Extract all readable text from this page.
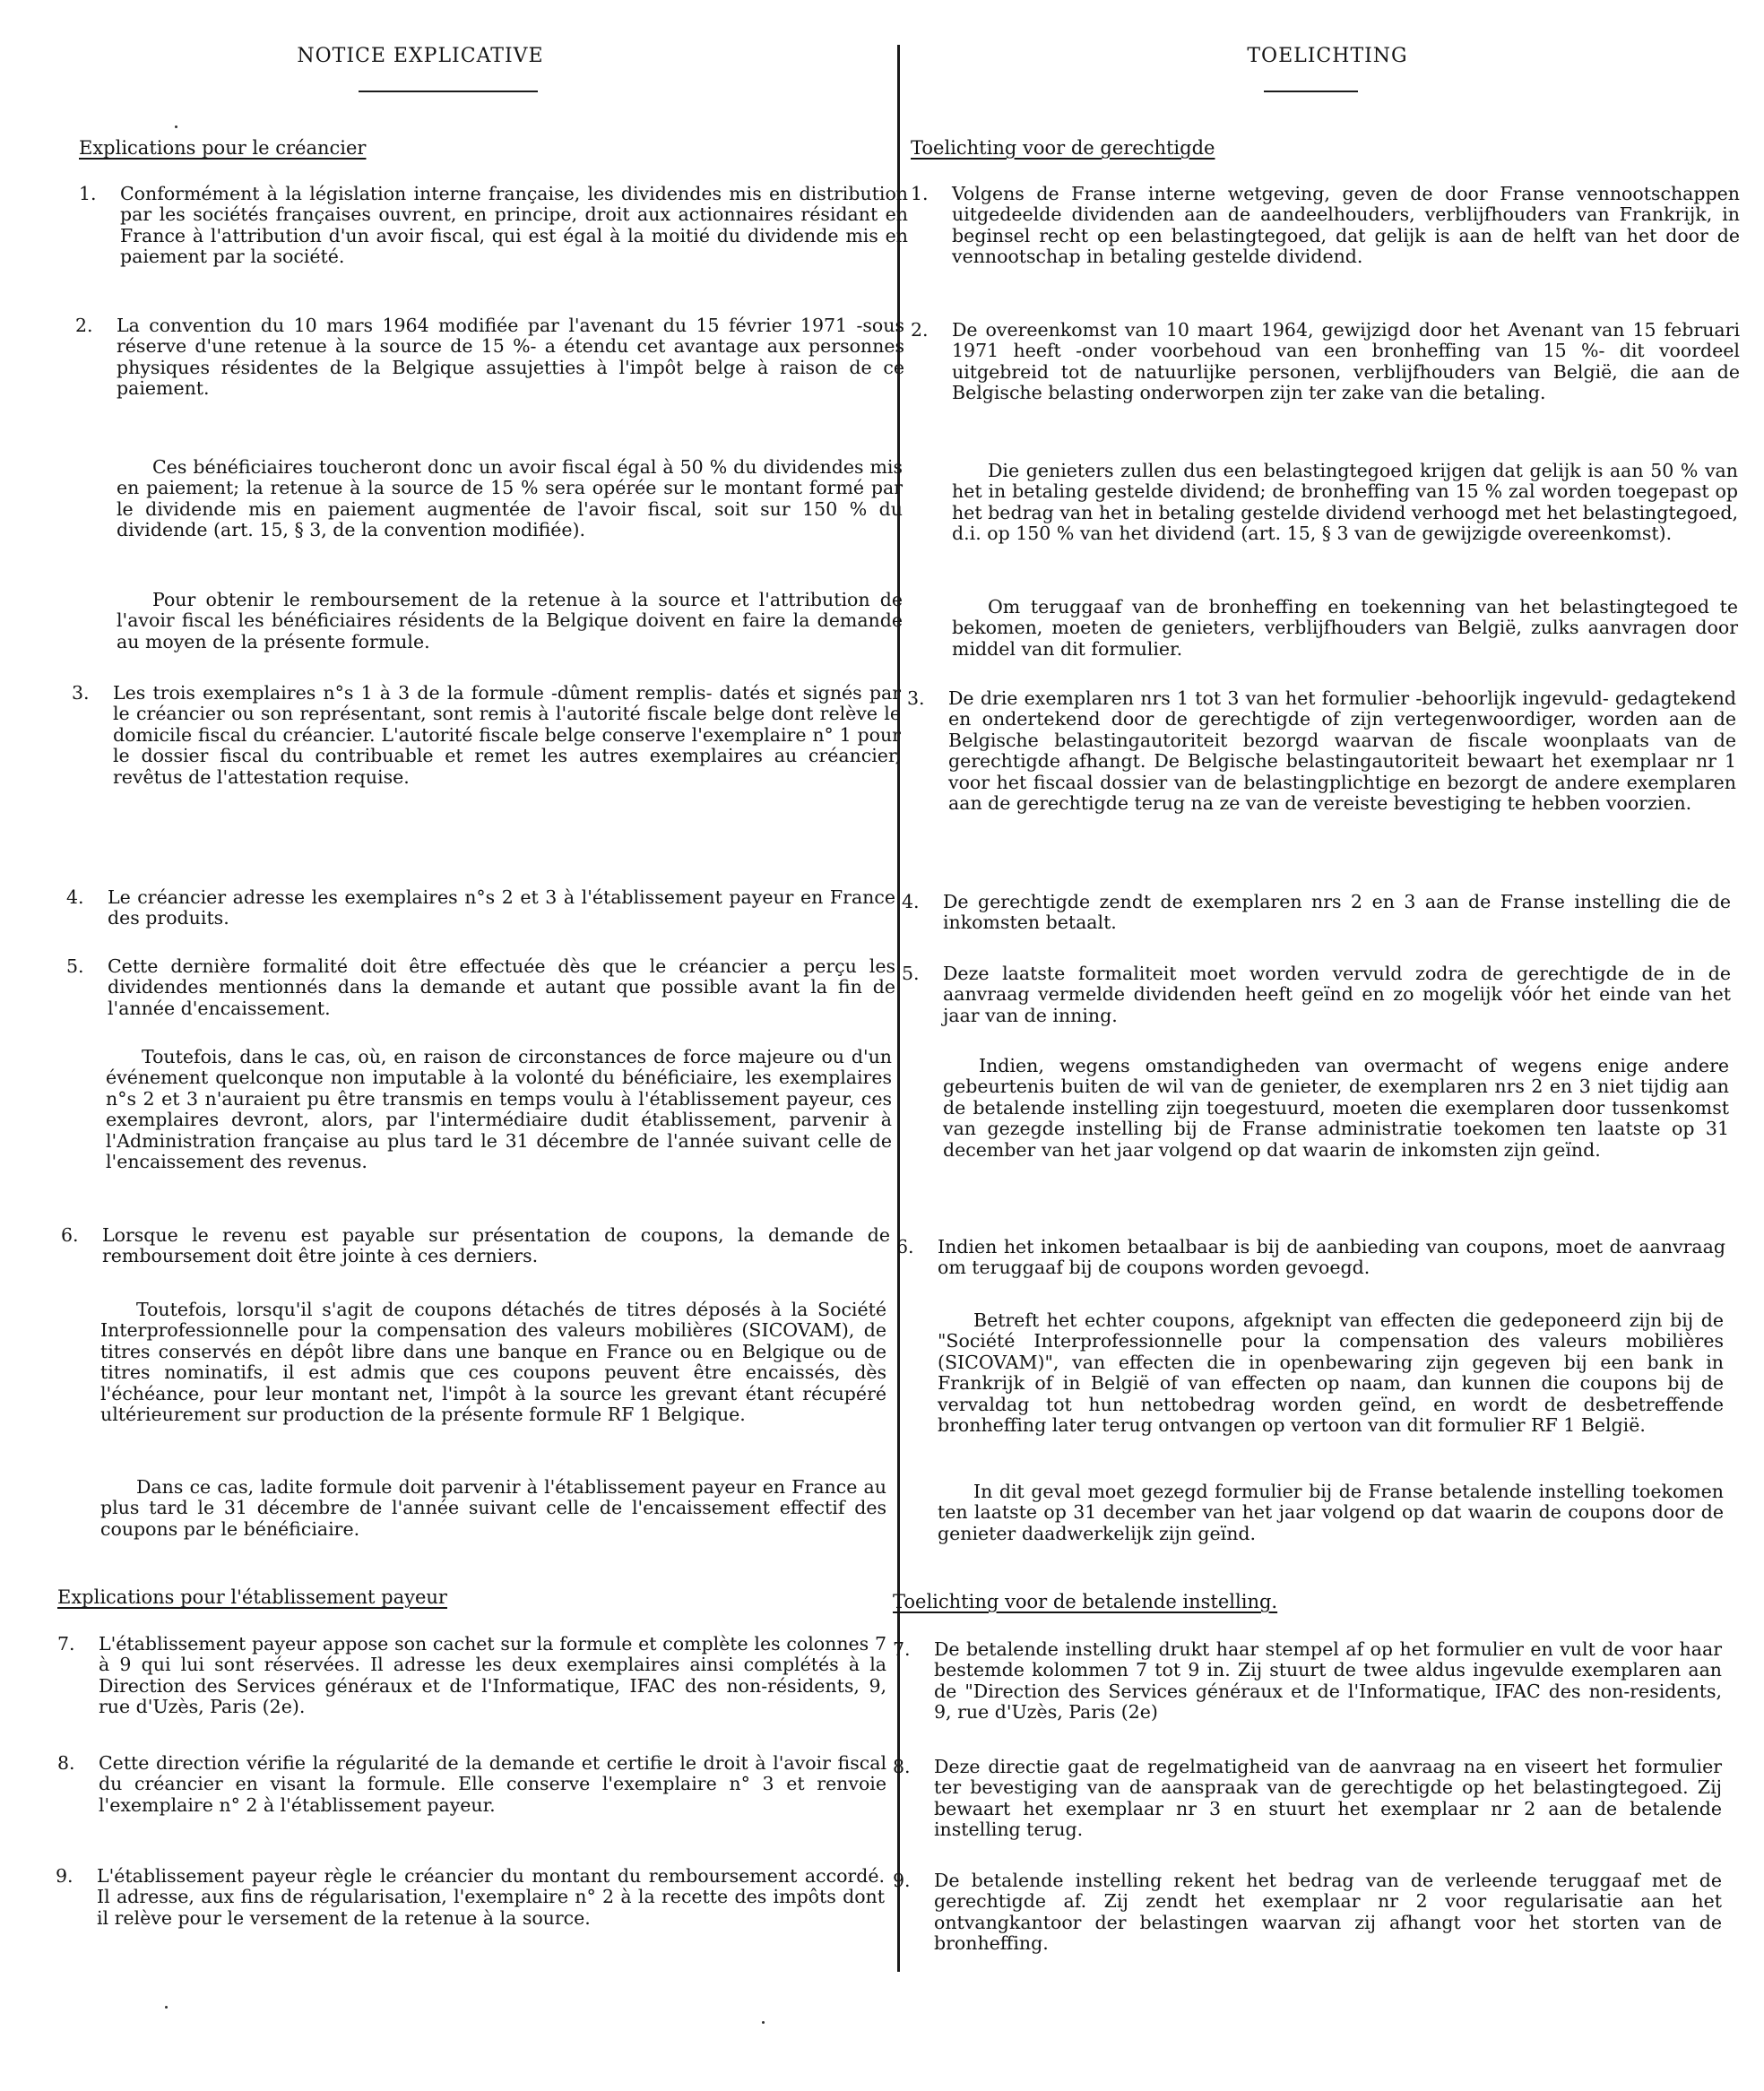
NOTICE EXPLICATIVE
Explications pour le créancier
1.	Conformément à la législation interne française, les dividendes mis en distribution par les sociétés françaises ouvrent, en principe, droit aux actionnaires résidant en France à l'attribution d'un avoir fiscal, qui est égal à la moitié du dividende mis en paiement par la société.
2.	La convention du 10 mars 1964 modifiée par l'avenant du 15 février 1971 -sous réserve d'une retenue à la source de 15 %- a étendu cet avantage aux personnes physiques résidentes de la Belgique assujetties à l'impôt belge à raison de ce paiement.
Ces bénéficiaires toucheront donc un avoir fiscal égal à 50 % du dividendes mis en paiement; la retenue à la source de 15 % sera opérée sur le montant formé par le dividende mis en paiement augmentée de l'avoir fiscal, soit sur 150 % du dividende (art. 15, § 3, de la convention modifiée).
Pour obtenir le remboursement de la retenue à la source et l'attribution de l'avoir fiscal les bénéficiaires résidents de la Belgique doivent en faire la demande au moyen de la présente formule.
3.	Les trois exemplaires n°s 1 à 3 de la formule -dûment remplis- datés et signés par le créancier ou son représentant, sont remis à l'autorité fiscale belge dont relève le domicile fiscal du créancier. L'autorité fiscale belge conserve l'exemplaire n° 1 pour le dossier fiscal du contribuable et remet les autres exemplaires au créancier, revêtus de l'attestation requise.
4.	Le créancier adresse les exemplaires n°s 2 et 3 à l'établissement payeur en France des produits.
5.	Cette dernière formalité doit être effectuée dès que le créancier a perçu les dividendes mentionnés dans la demande et autant que possible avant la fin de l'année d'encaissement.
Toutefois, dans le cas, où, en raison de circonstances de force majeure ou d'un événement quelconque non imputable à la volonté du bénéficiaire, les exemplaires n°s 2 et 3 n'auraient pu être transmis en temps voulu à l'établissement payeur, ces exemplaires devront, alors, par l'intermédiaire dudit établissement, parvenir à l'Administration française au plus tard le 31 décembre de l'année suivant celle de l'encaissement des revenus.
6.	Lorsque le revenu est payable sur présentation de coupons, la demande de remboursement doit être jointe à ces derniers.
Toutefois, lorsqu'il s'agit de coupons détachés de titres déposés à la Société Interprofessionnelle pour la compensation des valeurs mobilières (SICOVAM), de titres conservés en dépôt libre dans une banque en France ou en Belgique ou de titres nominatifs, il est admis que ces coupons peuvent être encaissés, dès l'échéance, pour leur montant net, l'impôt à la source les grevant étant récupéré ultérieurement sur production de la présente formule RF 1 Belgique.
Dans ce cas, ladite formule doit parvenir à l'établissement payeur en France au plus tard le 31 décembre de l'année suivant celle de l'encaissement effectif des coupons par le bénéficiaire.
Explications pour l'établissement payeur
7.	L'établissement payeur appose son cachet sur la formule et complète les colonnes 7 à 9 qui lui sont réservées. Il adresse les deux exemplaires ainsi complétés à la Direction des Services généraux et de l'Informatique, IFAC des non-résidents, 9, rue d'Uzès, Paris (2e).
8.	Cette direction vérifie la régularité de la demande et certifie le droit à l'avoir fiscal du créancier en visant la formule. Elle conserve l'exemplaire n° 3 et renvoie l'exemplaire n° 2 à l'établissement payeur.
9.	L'établissement payeur règle le créancier du montant du remboursement accordé. Il adresse, aux fins de régularisation, l'exemplaire n° 2 à la recette des impôts dont il relève pour le versement de la retenue à la source.
TOELICHTING
Toelichting voor de gerechtigde
1.	Volgens de Franse interne wetgeving, geven de door Franse vennootschappen uitgedeelde dividenden aan de aandeelhouders, verblijfhouders van Frankrijk, in beginsel recht op een belastingtegoed, dat gelijk is aan de helft van het door de vennootschap in betaling gestelde dividend.
2.	De overeenkomst van 10 maart 1964, gewijzigd door het Avenant van 15 februari 1971 heeft -onder voorbehoud van een bronheffing van 15 %- dit voordeel uitgebreid tot de natuurlijke personen, verblijfhouders van België, die aan de Belgische belasting onderworpen zijn ter zake van die betaling.
Die genieters zullen dus een belastingtegoed krijgen dat gelijk is aan 50 % van het in betaling gestelde dividend; de bronheffing van 15 % zal worden toegepast op het bedrag van het in betaling gestelde dividend verhoogd met het belastingtegoed, d.i. op 150 % van het dividend (art. 15, § 3 van de gewijzigde overeenkomst).
Om teruggaaf van de bronheffing en toekenning van het belastingtegoed te bekomen, moeten de genieters, verblijfhouders van België, zulks aanvragen door middel van dit formulier.
3.	De drie exemplaren nrs 1 tot 3 van het formulier -behoorlijk ingevuld- gedagtekend en ondertekend door de gerechtigde of zijn vertegenwoordiger, worden aan de Belgische belastingautoriteit bezorgd waarvan de fiscale woonplaats van de gerechtigde afhangt. De Belgische belastingautoriteit bewaart het exemplaar nr 1 voor het fiscaal dossier van de belastingplichtige en bezorgt de andere exemplaren aan de gerechtigde terug na ze van de vereiste bevestiging te hebben voorzien.
4.	De gerechtigde zendt de exemplaren nrs 2 en 3 aan de Franse instelling die de inkomsten betaalt.
5.	Deze laatste formaliteit moet worden vervuld zodra de gerechtigde de in de aanvraag vermelde dividenden heeft geïnd en zo mogelijk vóór het einde van het jaar van de inning.
Indien, wegens omstandigheden van overmacht of wegens enige andere gebeurtenis buiten de wil van de genieter, de exemplaren nrs 2 en 3 niet tijdig aan de betalende instelling zijn toegestuurd, moeten die exemplaren door tussenkomst van gezegde instelling bij de Franse administratie toekomen ten laatste op 31 december van het jaar volgend op dat waarin de inkomsten zijn geïnd.
6.	Indien het inkomen betaalbaar is bij de aanbieding van coupons, moet de aanvraag om teruggaaf bij de coupons worden gevoegd.
Betreft het echter coupons, afgeknipt van effecten die gedeponeerd zijn bij de "Société Interprofessionnelle pour la compensation des valeurs mobilières (SICOVAM)", van effecten die in openbewaring zijn gegeven bij een bank in Frankrijk of in België of van effecten op naam, dan kunnen die coupons bij de vervaldag tot hun nettobedrag worden geïnd, en wordt de desbetreffende bronheffing later terug ontvangen op vertoon van dit formulier RF 1 België.
In dit geval moet gezegd formulier bij de Franse betalende instelling toekomen ten laatste op 31 december van het jaar volgend op dat waarin de coupons door de genieter daadwerkelijk zijn geïnd.
Toelichting voor de betalende instelling.
7.	De betalende instelling drukt haar stempel af op het formulier en vult de voor haar bestemde kolommen 7 tot 9 in. Zij stuurt de twee aldus ingevulde exemplaren aan de "Direction des Services généraux et de l'Informatique, IFAC des non-residents, 9, rue d'Uzès, Paris (2e)
8.	Deze directie gaat de regelmatigheid van de aanvraag na en viseert het formulier ter bevestiging van de aanspraak van de gerechtigde op het belastingtegoed. Zij bewaart het exemplaar nr 3 en stuurt het exemplaar nr 2 aan de betalende instelling terug.
9.	De betalende instelling rekent het bedrag van de verleende teruggaaf met de gerechtigde af. Zij zendt het exemplaar nr 2 voor regularisatie aan het ontvangkantoor der belastingen waarvan zij afhangt voor het storten van de bronheffing.
